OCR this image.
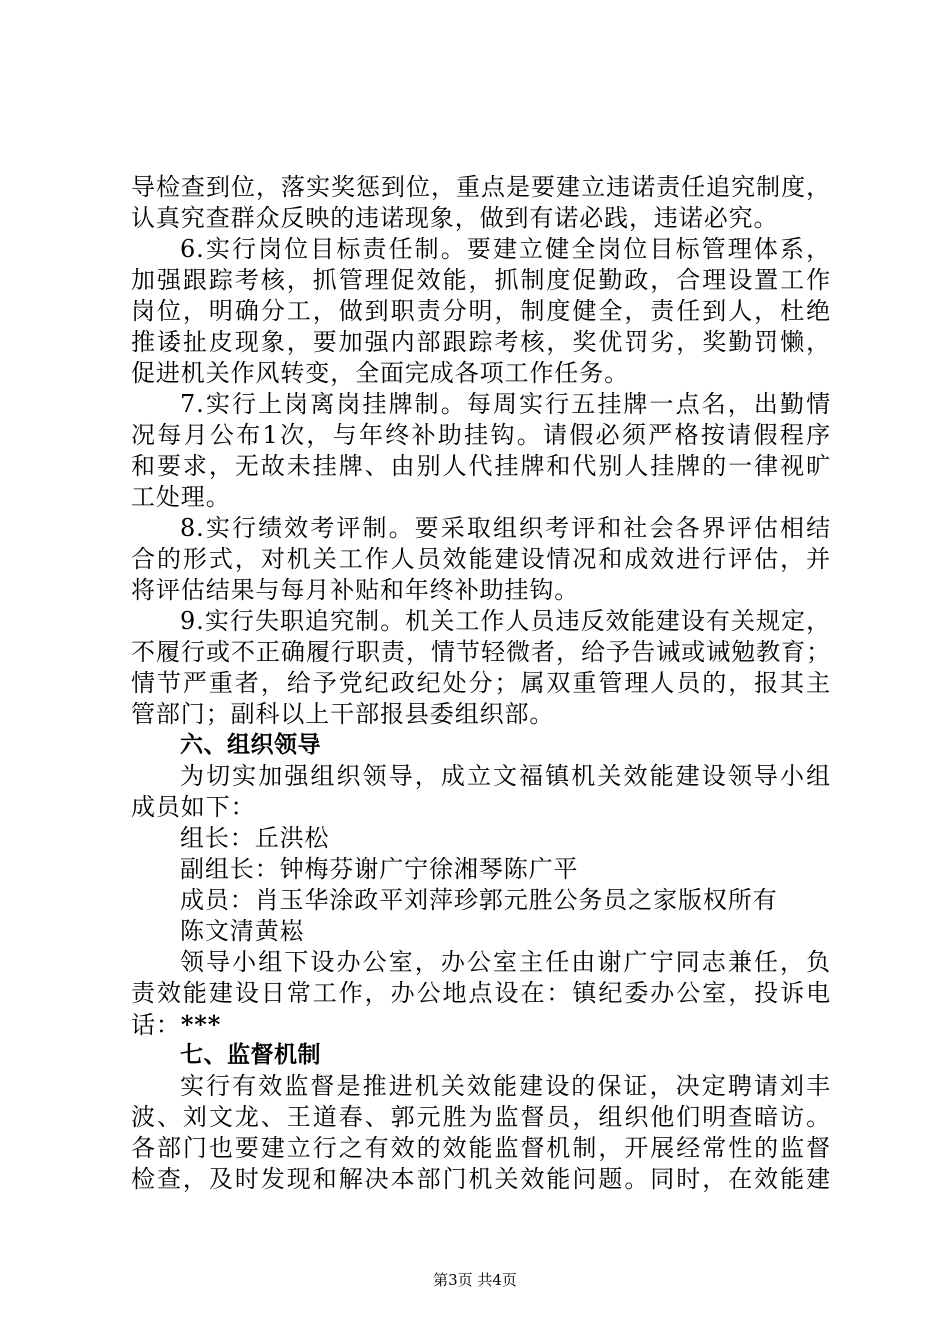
导检查到位，落实奖惩到位，重点是要建立违诺责任追究制度，
认真究查群众反映的违诺现象，做到有诺必践，违诺必究。
6.实行岗位目标责任制。要建立健全岗位目标管理体系，
加强跟踪考核，抓管理促效能，抓制度促勤政，合理设置工作
岗位，明确分工，做到职责分明，制度健全，责任到人，杜绝
推诿扯皮现象，要加强内部跟踪考核，奖优罚劣，奖勤罚懒，
促进机关作风转变，全面完成各项工作任务。
7.实行上岗离岗挂牌制。每周实行五挂牌一点名，出勤情
况每月公布1次，与年终补助挂钩。请假必须严格按请假程序
和要求，无故未挂牌、由别人代挂牌和代别人挂牌的一律视旷
工处理。
8.实行绩效考评制。要采取组织考评和社会各界评估相结
合的形式，对机关工作人员效能建设情况和成效进行评估，并
将评估结果与每月补贴和年终补助挂钩。
9.实行失职追究制。机关工作人员违反效能建设有关规定，
不履行或不正确履行职责，情节轻微者，给予告诫或诫勉教育；
情节严重者，给予党纪政纪处分；属双重管理人员的，报其主
管部门；副科以上干部报县委组织部。
六、组织领导
为切实加强组织领导，成立文福镇机关效能建设领导小组
成员如下：
组长：丘洪松
副组长：钟梅芬谢广宁徐湘琴陈广平
成员：肖玉华涂政平刘萍珍郭元胜公务员之家版权所有
陈文清黄崧
领导小组下设办公室，办公室主任由谢广宁同志兼任，负
责效能建设日常工作，办公地点设在：镇纪委办公室，投诉电
话：***
七、监督机制
实行有效监督是推进机关效能建设的保证，决定聘请刘丰
波、刘文龙、王道春、郭元胜为监督员，组织他们明查暗访。
各部门也要建立行之有效的效能监督机制，开展经常性的监督
检查，及时发现和解决本部门机关效能问题。同时，在效能建
第3页 共4页
